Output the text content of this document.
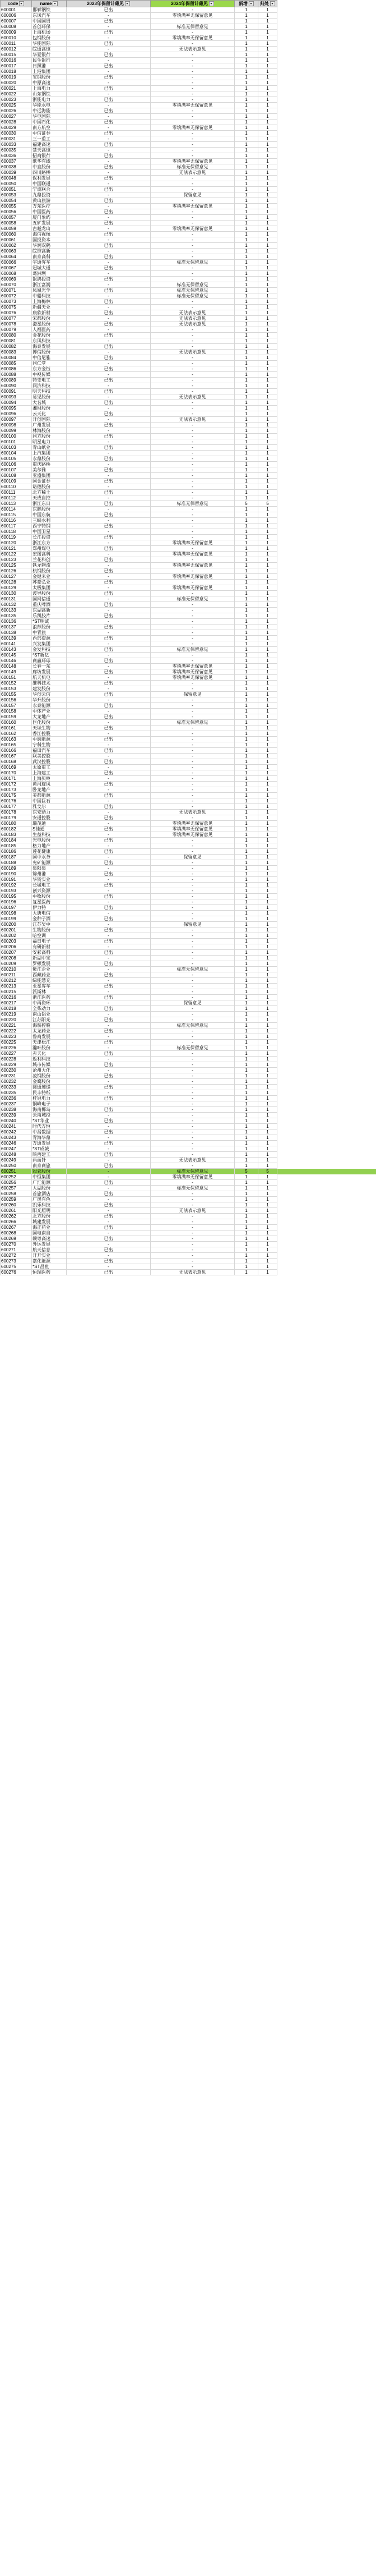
code	name	2023年保留计蔵见	2024年保留计蔵见	新增	归处	

600001	邯郸钢铁	已出	-	1	1	
600006	东风汽车	-	零填满率无保留意见	1	1	
600007	中国国贸	已出	-	1	1	
600008	首创环保	-	标准无保留意见	1	1	
600009	上海机场	已出	-	1	1	
600010	包钢股份	-	零填满率无保留意见	1	1	
600011	华能国际	已出	-	1	1	
600012	皖通高速	-	无法表示意见	1	1	
600015	华夏银行	已出	-	1	1	
600016	民生银行	-	-	1	1	
600017	日照港	已出	-	1	1	
600018	上港集团	-	-	1	1	
600019	宝钢股份	已出	-	1	1	
600020	中原高速	-	-	1	1	
600021	上海电力	已出	-	1	1	
600022	山东钢铁	-	-	1	1	
600023	浙能电力	已出	-	1	1	
600025	华能水电	-	零填满率无保留意见	1	1	
600026	中远海能	已出	-	1	1	
600027	华电国际	-	-	1	1	
600028	中国石化	已出	-	1	1	
600029	南方航空	-	零填满率无保留意见	1	1	
600030	中信证券	已出	-	1	1	
600031	三一重工	-	-	1	1	
600033	福建高速	已出	-	1	1	
600035	楚天高速	-	-	1	1	
600036	招商银行	已出	-	1	1	
600037	歌华有线	-	零填满率无保留意见	1	1	
600038	中直股份	已出	标准无保留意见	1	1	
600039	四川路桥	-	无法表示意见	1	1	
600048	保利发展	已出	-	1	1	
600050	中国联通	-	-	1	1	
600051	宁波联合	已出	-	1	1	
600053	九鼎投资	-	保留意见	1	1	
600054	黄山旅游	已出	-	1	1	
600055	万东医疗	-	零填满率无保留意见	1	1	
600056	中国医药	已出	-	1	1	
600057	厦门象屿	-	-	1	1	
600058	五矿发展	已出	-	1	1	
600059	古越龙山	-	零填满率无保留意见	1	1	
600060	海信视像	已出	-	1	1	
600061	国投资本	-	-	1	1	
600062	华润双鹤	已出	-	1	1	
600063	皖维高新	-	-	1	1	
600064	南京高科	已出	-	1	1	
600066	宇通客车	-	标准无保留意见	1	1	
600067	冠城大通	已出	-	1	1	
600068	葛洲坝	-	-	1	1	
600069	银鸽投资	已出	-	1	1	
600070	浙江富润	-	标准无保留意见	1	1	
600071	凤凰光学	已出	标准无保留意见	1	1	
600072	中船科技	-	标准无保留意见	1	1	
600073	上海梅林	已出	-	1	1	
600075	新疆天业	-	-	1	1	
600076	康欣新材	已出	无法表示意见	1	1	
600077	宋都股份	-	无法表示意见	1	1	
600078	澄星股份	已出	无法表示意见	1	1	
600079	人福医药	-	-	1	1	
600080	金花股份	已出	-	1	1	
600081	东风科技	-	-	1	1	
600082	海泰发展	已出	-	1	1	
600083	博信股份	-	无法表示意见	1	1	
600084	中信尼雅	已出	-	1	1	
600085	同仁堂	-	-	1	1	
600086	东方金钰	已出	-	1	1	
600088	中视传媒	-	-	1	1	
600089	特变电工	已出	-	1	1	
600090	同济科技	-	-	1	1	
600091	明天科技	已出	-	1	1	
600093	易见股份	-	无法表示意见	1	1	
600094	大名城	已出	-	1	1	
600095	湘财股份	-	-	1	1	
600096	云天化	已出	-	1	1	
600097	开创国际	-	无法表示意见	1	1	
600098	广州发展	已出	-	1	1	
600099	林海股份	-	-	1	1	
600100	同方股份	已出	-	1	1	
600101	明星电力	-	-	1	1	
600103	青山纸业	已出	-	1	1	
600104	上汽集团	-	-	1	1	
600105	永鼎股份	已出	-	1	1	
600106	重庆路桥	-	-	1	1	
600107	美尔雅	已出	-	1	1	
600108	亚盛集团	-	-	1	1	
600109	国金证券	已出	-	1	1	
600110	诺德股份	-	-	1	1	
600111	北方稀土	已出	-	1	1	
600112	天成自控	-	-	1	1	
600113	浙江东日	已出	标准无保留意见	5	5	
600114	东睦股份	-	-	1	1	
600115	中国东航	已出	-	1	1	
600116	三峡水利	-	-	1	1	
600117	西宁特钢	已出	-	1	1	
600118	中国卫星	-	-	1	1	
600119	长江投资	已出	-	1	1	
600120	浙江东方	-	零填满率无保留意见	1	1	
600121	郑州煤电	已出	-	1	1	
600122	宏图高科	-	零填满率无保留意见	1	1	
600123	兰花科创	已出	-	1	1	
600125	铁龙物流	-	零填满率无保留意见	1	1	
600126	杭钢股份	已出	-	1	1	
600127	金健米业	-	零填满率无保留意见	1	1	
600128	苏豪弘业	已出	-	1	1	
600129	太极集团	-	零填满率无保留意见	1	1	
600130	波导股份	已出	-	1	1	
600131	国网信通	-	标准无保留意见	1	1	
600132	重庆啤酒	已出	-	1	1	
600133	东湖高新	-	-	1	1	
600135	乐凯胶片	已出	-	1	1	
600136	*ST明诚	-	-	1	1	
600137	浪莎股份	已出	-	1	1	
600138	中青旅	-	-	1	1	
600139	西部资源	已出	-	1	1	
600141	兴发集团	-	-	1	1	
600143	金发科技	已出	标准无保留意见	1	1	
600145	*ST新亿	-	-	1	1	
600146	商赢环球	已出	-	1	1	
600148	长春一东	-	零填满率无保留意见	1	1	
600149	廊坊发展	已出	零填满率无保留意见	1	1	
600151	航天机电	-	零填满率无保留意见	1	1	
600152	维科技术	已出	-	1	1	
600153	建发股份	-	-	1	1	
600155	华创云信	已出	保留意见	1	1	
600156	华升股份	-	-	1	1	
600157	永泰能源	已出	-	1	1	
600158	中体产业	-	-	1	1	
600159	大龙地产	已出	-	1	1	
600160	巨化股份	-	标准无保留意见	1	1	
600161	天坛生物	已出	-	1	1	
600162	香江控股	-	-	1	1	
600163	中闽能源	已出	-	1	1	
600165	宁科生物	-	-	1	1	
600166	福田汽车	已出	-	1	1	
600167	联美控股	-	-	1	1	
600168	武汉控股	已出	-	1	1	
600169	太原重工	-	-	1	1	
600170	上海建工	已出	-	1	1	
600171	上海贝岭	-	-	1	1	
600172	黄河旋风	已出	-	1	1	
600173	卧龙地产	-	-	1	1	
600175	美都能源	已出	-	1	1	
600176	中国巨石	-	-	1	1	
600177	雅戈尔	已出	-	1	1	
600178	东安动力	-	无法表示意见	1	1	
600179	安通控股	已出	-	1	1	
600180	瑞茂通	-	零填满率无保留意见	1	1	
600182	S佳通	已出	零填满率无保留意见	1	1	
600183	生益科技	-	零填满率无保留意见	1	1	
600184	光电股份	已出	-	1	1	
600185	格力地产	-	-	1	1	
600186	莲花健康	已出	-	1	1	
600187	国中水务	-	保留意见	1	1	
600188	兖矿能源	已出	-	1	1	
600189	泉阳泉	-	-	1	1	
600190	锦州港	已出	-	1	1	
600191	华资实业	-	-	1	1	
600192	长城电工	已出	-	1	1	
600193	创兴资源	-	-	1	1	
600195	中牧股份	已出	-	1	1	
600196	复星医药	-	-	1	1	
600197	伊力特	已出	-	1	1	
600198	大唐电信	-	-	1	1	
600199	金种子酒	已出	-	1	1	
600200	江苏吴中	-	保留意见	1	1	
600201	生物股份	已出	-	1	1	
600202	哈空调	-	-	1	1	
600203	福日电子	已出	-	1	1	
600206	有研新材	-	-	1	1	
600207	安彩高科	已出	-	1	1	
600208	新湖中宝	-	-	1	1	
600209	罗顿发展	已出	-	1	1	
600210	紫江企业	-	标准无保留意见	1	1	
600211	西藏药业	已出	-	1	1	
600212	绿能慧充	-	-	1	1	
600213	亚星客车	已出	-	1	1	
600215	派斯林	-	-	1	1	
600216	浙江医药	已出	-	1	1	
600217	中再资环	-	保留意见	1	1	
600218	全柴动力	已出	-	1	1	
600219	南山铝业	-	-	1	1	
600220	江苏阳光	已出	-	1	1	
600221	海航控股	-	标准无保留意见	1	1	
600222	太龙药业	已出	-	1	1	
600223	鲁商发展	-	-	1	1	
600225	天津松江	已出	-	1	1	
600226	瀚叶股份	-	标准无保留意见	1	1	
600227	赤天化	已出	-	1	1	
600228	返利科技	-	-	1	1	
600229	城市传媒	已出	-	1	1	
600230	沧州大化	-	-	1	1	
600231	凌钢股份	已出	-	1	1	
600232	金鹰股份	-	-	1	1	
600233	圆通速递	已出	-	1	1	
600235	民丰特纸	-	-	1	1	
600236	桂冠电力	已出	-	1	1	
600237	铜峰电子	-	-	1	1	
600238	海南椰岛	已出	-	1	1	
600239	云南城投	-	-	1	1	
600240	*ST华业	已出	-	1	1	
600241	时代万恒	-	-	1	1	
600242	中昌数据	已出	-	1	1	
600243	青海华鼎	-	-	1	1	
600246	万通发展	已出	-	1	1	
600247	*ST成城	-	-	1	1	
600248	陕西建工	已出	-	1	1	
600249	两面针	-	无法表示意见	1	1	
600250	南京商旅	已出	-	1	1	
600251	冠农股份	-	标准无保留意见	5	5	
600252	中恒集团	-	零填满率无保留意见	1	1	
600256	广汇能源	已出	-	1	1	
600257	大湖股份	-	标准无保留意见	1	1	
600258	首旅酒店	已出	-	1	1	
600259	广晟有色	-	-	1	1	
600260	凯乐科技	已出	-	1	1	
600261	阳光照明	-	无法表示意见	1	1	
600262	北方股份	已出	-	1	1	
600266	城建发展	-	-	1	1	
600267	海正药业	已出	-	1	1	
600268	国电南自	-	-	1	1	
600269	赣粤高速	已出	-	1	1	
600270	外运发展	-	-	1	1	
600271	航天信息	已出	-	1	1	
600272	开开实业	-	-	1	1	
600273	嘉化能源	已出	-	1	1	
600275	*ST昌鱼	-	-	1	1	
600276	恒瑞医药	已出	无法表示意见	1	1	
